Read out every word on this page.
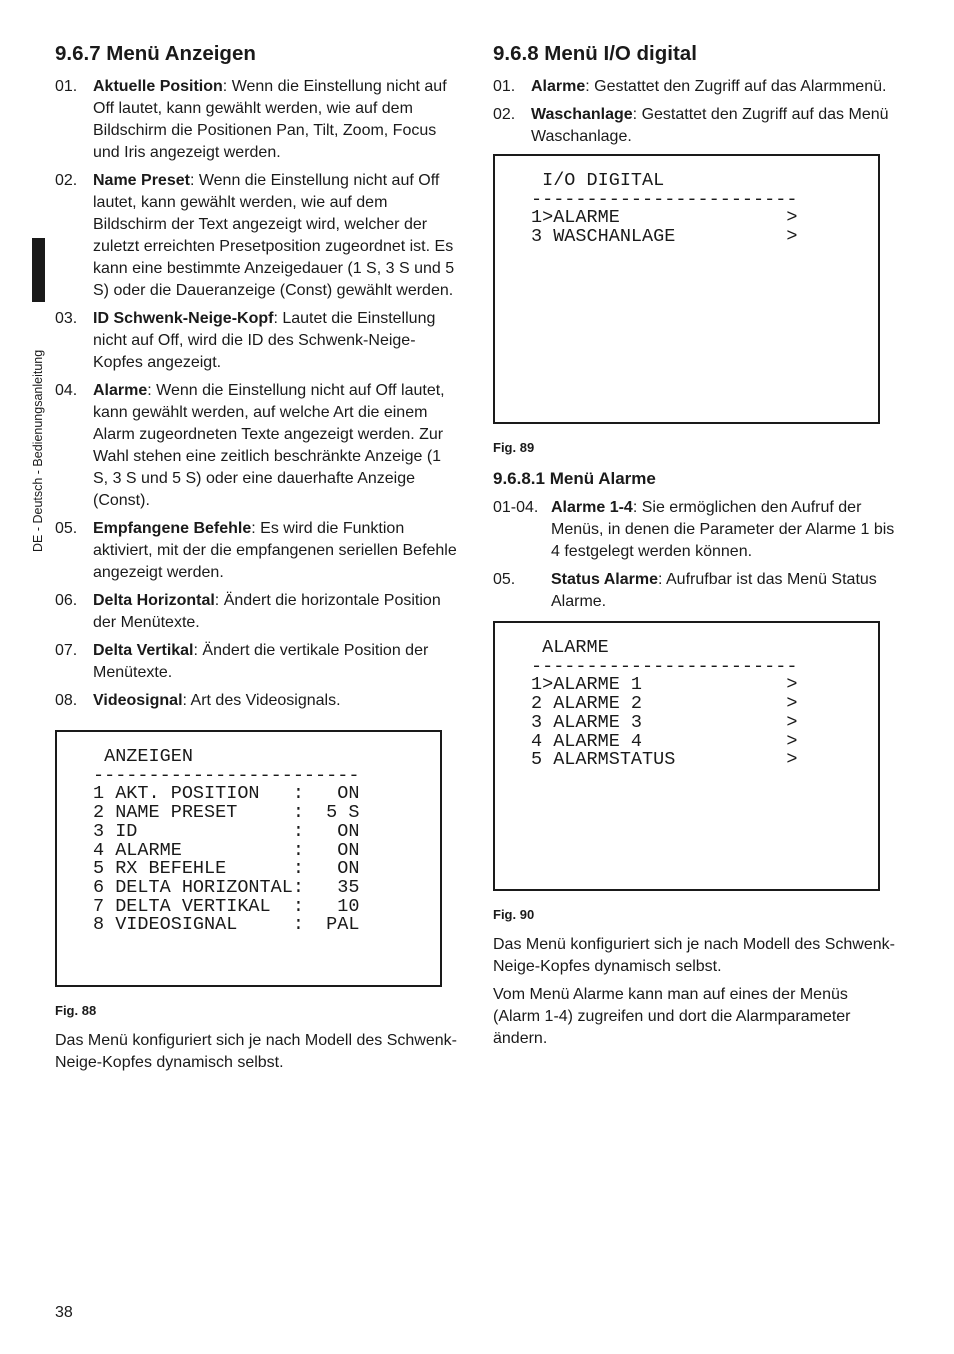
DE - Deutsch - Bedienungsanleitung
9.6.7 Menü Anzeigen
01. Aktuelle Position: Wenn die Einstellung nicht auf Off lautet, kann gewählt werden, wie auf dem Bildschirm die Positionen Pan, Tilt, Zoom, Focus und Iris angezeigt werden.
02. Name Preset: Wenn die Einstellung nicht auf Off lautet, kann gewählt werden, wie auf dem Bildschirm der Text angezeigt wird, welcher der zuletzt erreichten Presetposition zugeordnet ist. Es kann eine bestimmte Anzeigedauer (1 S, 3 S und 5 S) oder die Daueranzeige (Const) gewählt werden.
03. ID Schwenk-Neige-Kopf: Lautet die Einstellung nicht auf Off, wird die ID des Schwenk-Neige-Kopfes angezeigt.
04. Alarme: Wenn die Einstellung nicht auf Off lautet, kann gewählt werden, auf welche Art die einem Alarm zugeordneten Texte angezeigt werden. Zur Wahl stehen eine zeitlich beschränkte Anzeige (1 S, 3 S und 5 S) oder eine dauerhafte Anzeige (Const).
05. Empfangene Befehle: Es wird die Funktion aktiviert, mit der die empfangenen seriellen Befehle angezeigt werden.
06. Delta Horizontal: Ändert die horizontale Position der Menütexte.
07. Delta Vertikal: Ändert die vertikale Position der Menütexte.
08. Videosignal: Art des Videosignals.

ANZEIGEN
------------------------
1 AKT. POSITION   :   ON
2 NAME PRESET     :  5 S
3 ID              :   ON
4 ALARME          :   ON
5 RX BEFEHLE      :   ON
6 DELTA HORIZONTAL:   35
7 DELTA VERTIKAL  :   10
8 VIDEOSIGNAL     :  PAL

Fig. 88

Das Menü konfiguriert sich je nach Modell des Schwenk-Neige-Kopfes dynamisch selbst.

9.6.8 Menü I/O digital
01. Alarme: Gestattet den Zugriff auf das Alarmmenü.
02. Waschanlage: Gestattet den Zugriff auf das Menü Waschanlage.

I/O DIGITAL
------------------------
1>ALARME               >
3 WASCHANLAGE          >

Fig. 89
9.6.8.1 Menü Alarme
01-04. Alarme 1-4: Sie ermöglichen den Aufruf der Menüs, in denen die Parameter der Alarme 1 bis 4 festgelegt werden können.
05.	Status Alarme: Aufrufbar ist das Menü Status Alarme.

ALARME
------------------------
1>ALARME 1             >
2 ALARME 2             >
3 ALARME 3             >
4 ALARME 4             >
5 ALARMSTATUS          >

Fig. 90

Das Menü konfiguriert sich je nach Modell des Schwenk-Neige-Kopfes dynamisch selbst.

Vom Menü Alarme kann man auf eines der Menüs (Alarm 1-4) zugreifen und dort die Alarmparameter ändern.

38
